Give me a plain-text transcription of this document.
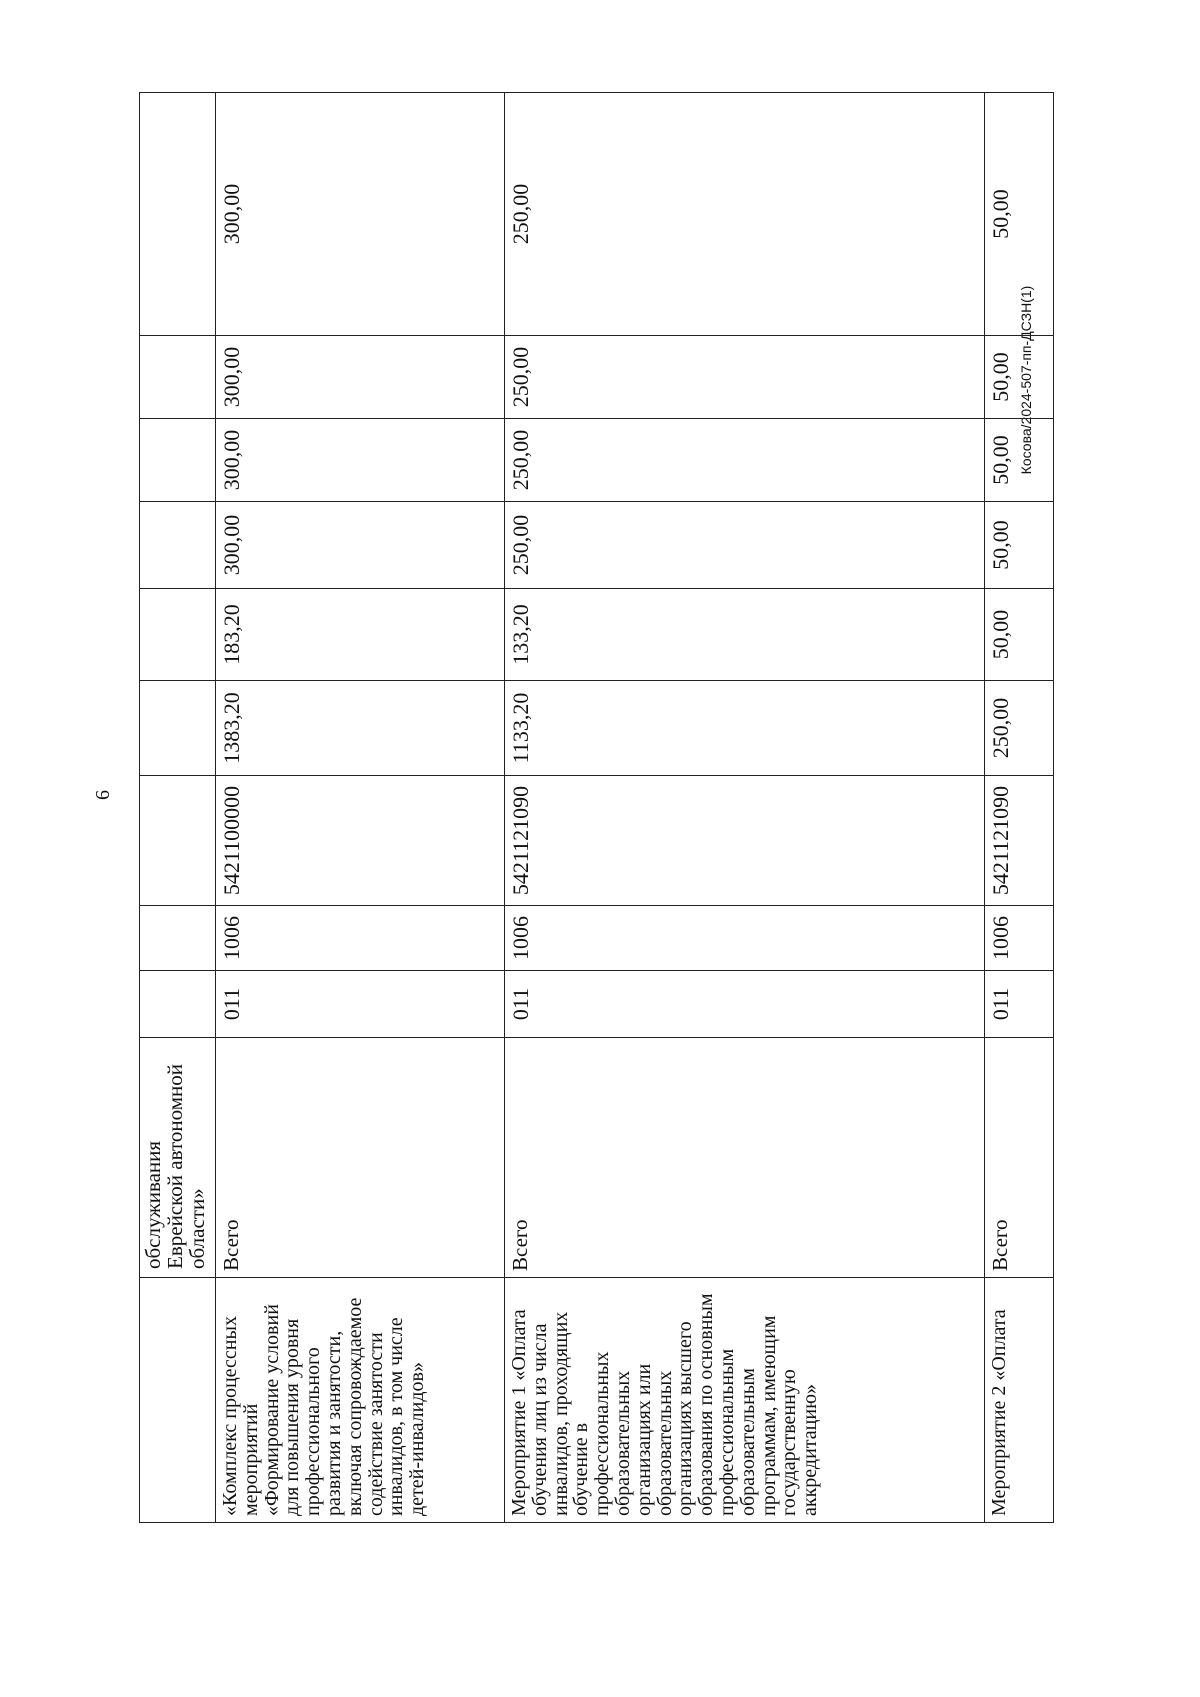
6
Косова/2024-507-пп-ДСЗН(1)
	обслуживания Еврейской автономной области»									
«Комплекс процессных мероприятий «Формирование условий для повышения уровня профессионального развития и занятости, включая сопровождаемое содействие занятости инвалидов, в том числе детей-инвалидов»	Всего	011	1006	5421100000	1383,20	183,20	300,00	300,00	300,00	300,00
Мероприятие 1 «Оплата обучения лиц из числа инвалидов, проходящих обучение в профессиональных образовательных организациях или образовательных организациях высшего образования по основным профессиональным образовательным программам, имеющим государственную аккредитацию»	Всего	011	1006	5421121090	1133,20	133,20	250,00	250,00	250,00	250,00
Мероприятие 2 «Оплата	Всего	011	1006	5421121090	250,00	50,00	50,00	50,00	50,00	50,00
